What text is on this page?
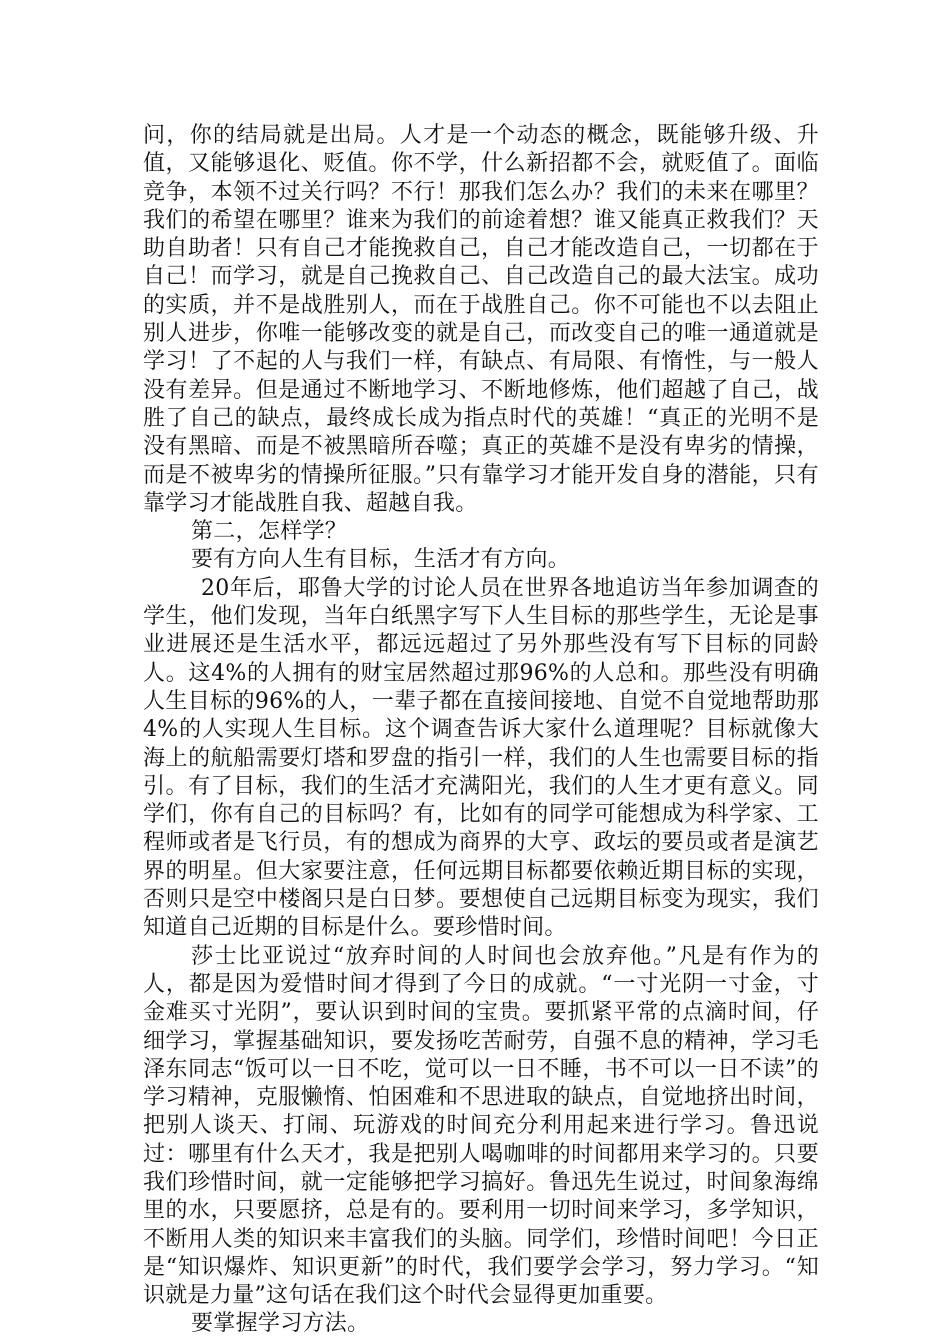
问，你的结局就是出局。人才是一个动态的概念，既能够升级、升值，又能够退化、贬值。你不学，什么新招都不会，就贬值了。面临竞争，本领不过关行吗？不行！那我们怎么办？我们的未来在哪里？我们的希望在哪里？谁来为我们的前途着想？谁又能真正救我们？天助自助者！只有自己才能挽救自己，自己才能改造自己，一切都在于自己！而学习，就是自己挽救自己、自己改造自己的最大法宝。成功的实质，并不是战胜别人，而在于战胜自己。你不可能也不以去阻止别人进步，你唯一能够改变的就是自己，而改变自己的唯一通道就是学习！了不起的人与我们一样，有缺点、有局限、有惰性，与一般人没有差异。但是通过不断地学习、不断地修炼，他们超越了自己，战胜了自己的缺点，最终成长成为指点时代的英雄！“真正的光明不是没有黑暗、而是不被黑暗所吞噬；真正的英雄不是没有卑劣的情操，而是不被卑劣的情操所征服。”只有靠学习才能开发自身的潜能，只有靠学习才能战胜自我、超越自我。

第二，怎样学？

要有方向人生有目标，生活才有方向。

20年后，耶鲁大学的讨论人员在世界各地追访当年参加调查的学生，他们发现，当年白纸黑字写下人生目标的那些学生，无论是事业进展还是生活水平，都远远超过了另外那些没有写下目标的同龄人。这4%的人拥有的财宝居然超过那96%的人总和。那些没有明确人生目标的96%的人，一辈子都在直接间接地、自觉不自觉地帮助那4%的人实现人生目标。这个调查告诉大家什么道理呢？目标就像大海上的航船需要灯塔和罗盘的指引一样，我们的人生也需要目标的指引。有了目标，我们的生活才充满阳光，我们的人生才更有意义。同学们，你有自己的目标吗？有，比如有的同学可能想成为科学家、工程师或者是飞行员，有的想成为商界的大亨、政坛的要员或者是演艺界的明星。但大家要注意，任何远期目标都要依赖近期目标的实现，否则只是空中楼阁只是白日梦。要想使自己远期目标变为现实，我们知道自己近期的目标是什么。要珍惜时间。

莎士比亚说过“放弃时间的人时间也会放弃他。”凡是有作为的人，都是因为爱惜时间才得到了今日的成就。“一寸光阴一寸金，寸金难买寸光阴”，要认识到时间的宝贵。要抓紧平常的点滴时间，仔细学习，掌握基础知识，要发扬吃苦耐劳，自强不息的精神，学习毛泽东同志“饭可以一日不吃，觉可以一日不睡，书不可以一日不读”的学习精神，克服懒惰、怕困难和不思进取的缺点，自觉地挤出时间，把别人谈天、打闹、玩游戏的时间充分利用起来进行学习。鲁迅说过：哪里有什么天才，我是把别人喝咖啡的时间都用来学习的。只要我们珍惜时间，就一定能够把学习搞好。鲁迅先生说过，时间象海绵里的水，只要愿挤，总是有的。要利用一切时间来学习，多学知识，不断用人类的知识来丰富我们的头脑。同学们，珍惜时间吧！今日正是“知识爆炸、知识更新”的时代，我们要学会学习，努力学习。“知识就是力量”这句话在我们这个时代会显得更加重要。

要掌握学习方法。
